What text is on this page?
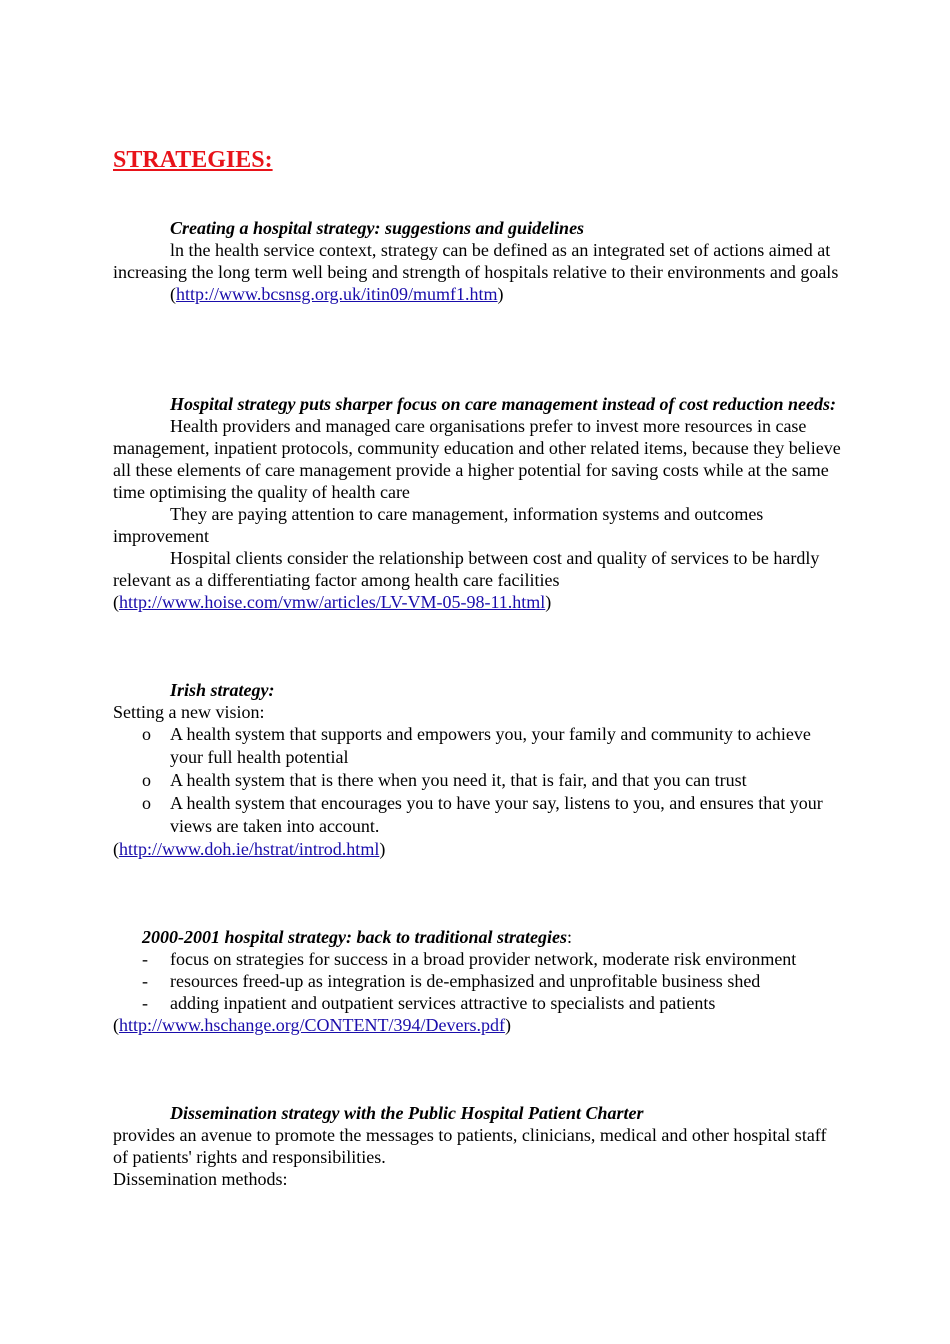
STRATEGIES:

Creating a hospital strategy: suggestions and guidelines

ln the health service context, strategy can be defined as an integrated set of actions aimed at increasing the long term well being and strength of hospitals relative to their environments and goals

(http://www.bcsnsg.org.uk/itin09/mumf1.htm)

Hospital strategy puts sharper focus on care management instead of cost reduction needs:

Health providers and managed care organisations prefer to invest more resources in case management, inpatient protocols, community education and other related items, because they believe all these elements of care management provide a higher potential for saving costs while at the same time optimising the quality of health care

They are paying attention to care management, information systems and outcomes improvement

Hospital clients consider the relationship between cost and quality of services to be hardly relevant as a differentiating factor among health care facilities

(http://www.hoise.com/vmw/articles/LV-VM-05-98-11.html)

Irish strategy:

Setting a new vision:

o A health system that supports and empowers you, your family and community to achieve your full health potential
o A health system that is there when you need it, that is fair, and that you can trust
o A health system that encourages you to have your say, listens to you, and ensures that your views are taken into account.

(http://www.doh.ie/hstrat/introd.html)

2000-2001 hospital strategy: back to traditional strategies:

- focus on strategies for success in a broad provider network, moderate risk environment
- resources freed-up as integration is de-emphasized and unprofitable business shed
- adding inpatient and outpatient services attractive to specialists and patients

(http://www.hschange.org/CONTENT/394/Devers.pdf)

Dissemination strategy with the Public Hospital Patient Charter

provides an avenue to promote the messages to patients, clinicians, medical and other hospital staff of patients' rights and responsibilities.

Dissemination methods:
